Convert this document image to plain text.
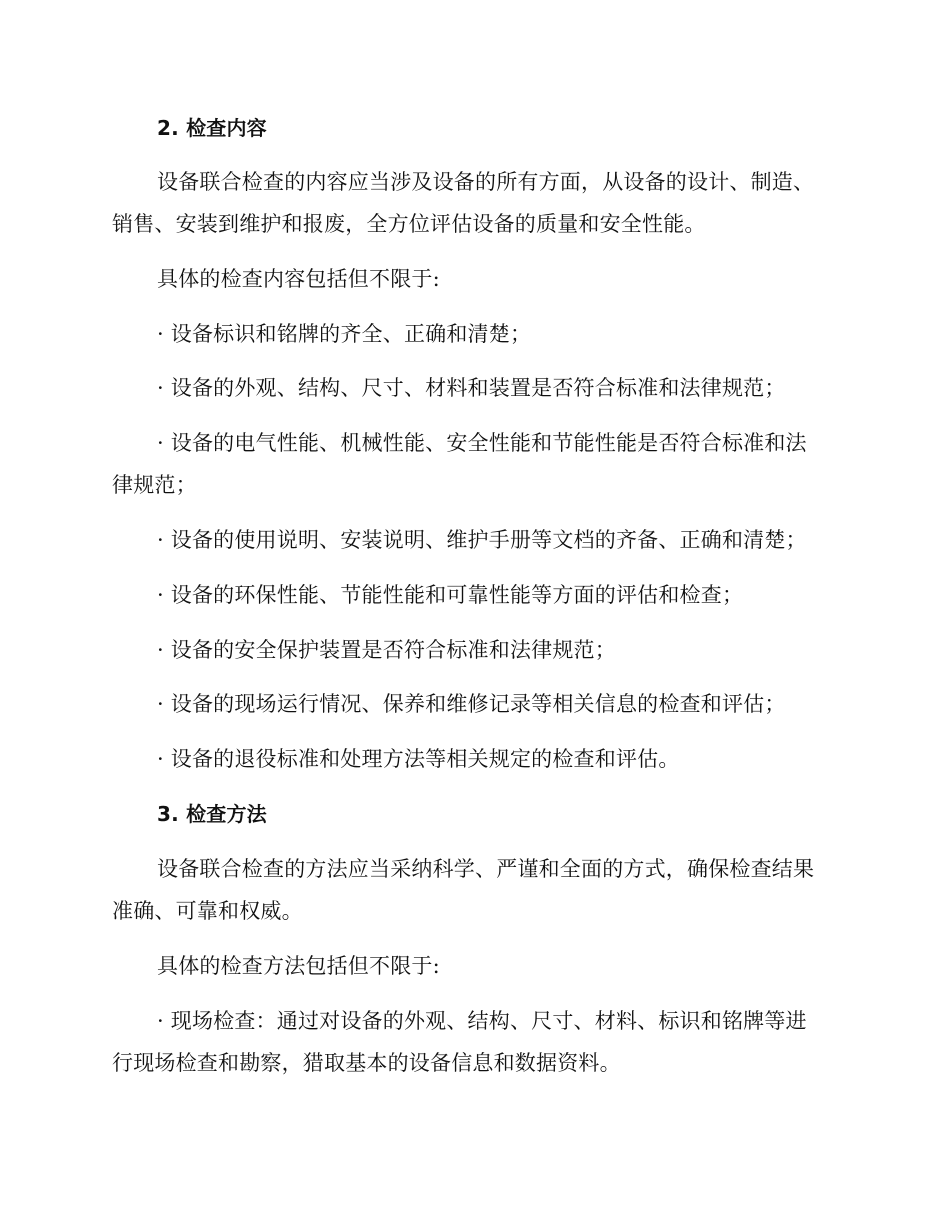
2. 检查内容
设备联合检查的内容应当涉及设备的所有方面，从设备的设计、制造、
销售、安装到维护和报废，全方位评估设备的质量和安全性能。
具体的检查内容包括但不限于:
· 设备标识和铭牌的齐全、正确和清楚；
· 设备的外观、结构、尺寸、材料和装置是否符合标准和法律规范；
· 设备的电气性能、机械性能、安全性能和节能性能是否符合标准和法
律规范；
· 设备的使用说明、安装说明、维护手册等文档的齐备、正确和清楚；
· 设备的环保性能、节能性能和可靠性能等方面的评估和检查；
· 设备的安全保护装置是否符合标准和法律规范；
· 设备的现场运行情况、保养和维修记录等相关信息的检查和评估；
· 设备的退役标准和处理方法等相关规定的检查和评估。
3. 检查方法
设备联合检查的方法应当采纳科学、严谨和全面的方式，确保检查结果
准确、可靠和权威。
具体的检查方法包括但不限于:
· 现场检查：通过对设备的外观、结构、尺寸、材料、标识和铭牌等进
行现场检查和勘察，猎取基本的设备信息和数据资料。
